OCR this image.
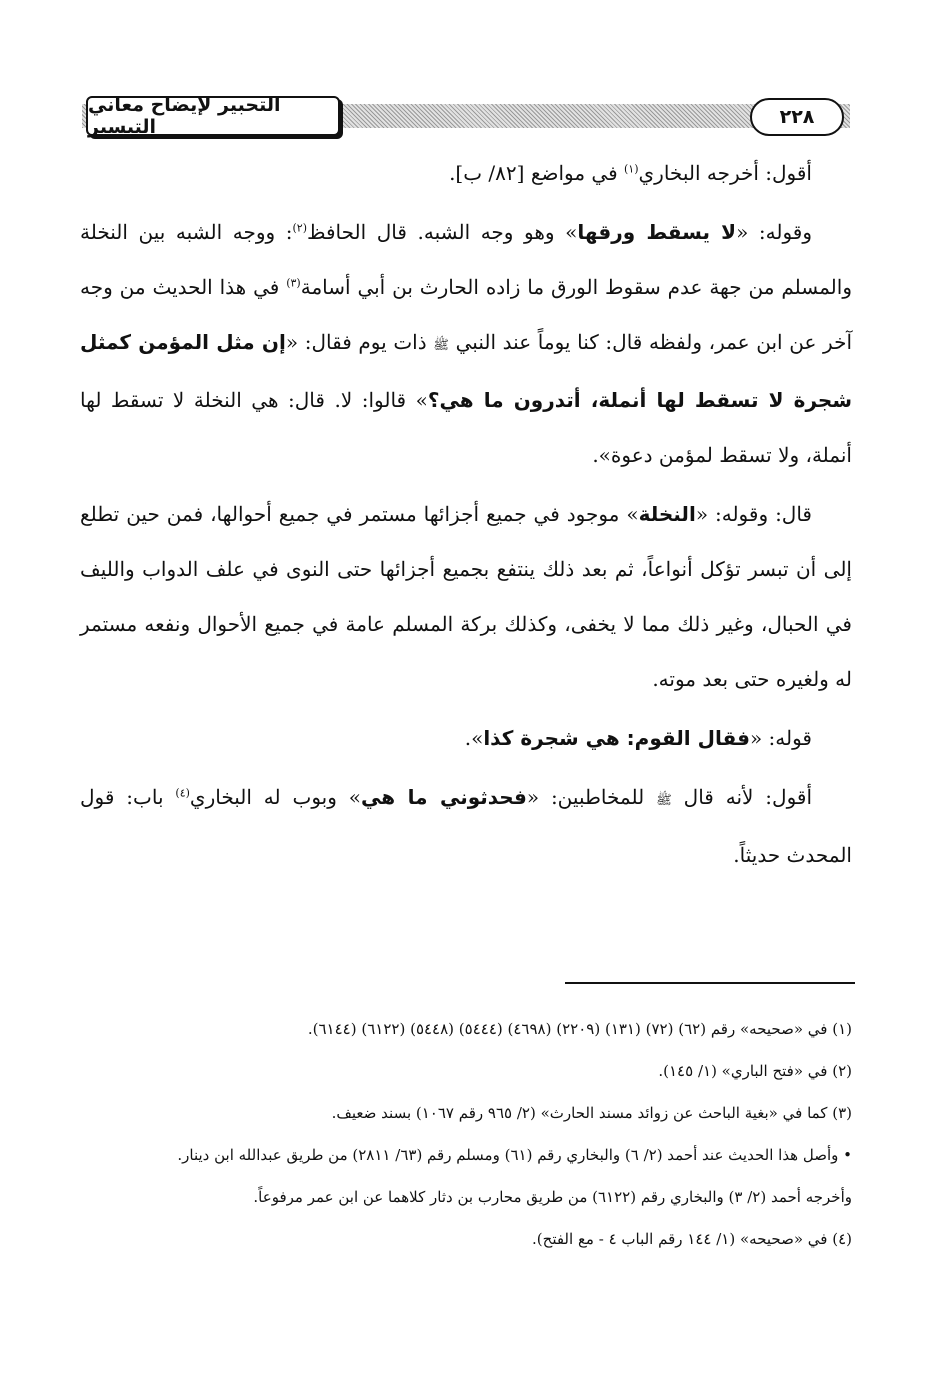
التحبير لإيضاح معاني التيسير	٢٢٨

أقول: أخرجه البخاري$^{(١)}$ في مواضع [٨٢/ ب].

وقوله: «لا يسقط ورقها» وهو وجه الشبه. قال الحافظ$^{(٢)}$: ووجه الشبه بين النخلة والمسلم من جهة عدم سقوط الورق ما زاده الحارث بن أبي أسامة$^{(٣)}$ في هذا الحديث من وجه آخر عن ابن عمر، ولفظه قال: كنا يوماً عند النبي ﷺ ذات يوم فقال: «إن مثل المؤمن كمثل شجرة لا تسقط لها أنملة، أتدرون ما هي؟» قالوا: لا. قال: هي النخلة لا تسقط لها أنملة، ولا تسقط لمؤمن دعوة».

قال: وقوله: «النخلة» موجود في جميع أجزائها مستمر في جميع أحوالها، فمن حين تطلع إلى أن تبسر تؤكل أنواعاً، ثم بعد ذلك ينتفع بجميع أجزائها حتى النوى في علف الدواب والليف في الحبال، وغير ذلك مما لا يخفى، وكذلك بركة المسلم عامة في جميع الأحوال ونفعه مستمر له ولغيره حتى بعد موته.

قوله: «فقال القوم: هي شجرة كذا».

أقول: لأنه قال ﷺ للمخاطبين: «فحدثوني ما هي» وبوب له البخاري$^{(٤)}$ باب: قول المحدث حديثاً.

(١) في «صحيحه» رقم (٦٢) (٧٢) (١٣١) (٢٢٠٩) (٤٦٩٨) (٥٤٤٤) (٥٤٤٨) (٦١٢٢) (٦١٤٤).

(٢) في «فتح الباري» (١/ ١٤٥).

(٣) كما في «بغية الباحث عن زوائد مسند الحارث» (٢/ ٩٦٥ رقم ١٠٦٧) بسند ضعيف.

• وأصل هذا الحديث عند أحمد (٢/ ٦) والبخاري رقم (٦١) ومسلم رقم (٦٣/ ٢٨١١) من طريق عبدالله ابن دينار.

وأخرجه أحمد (٢/ ٣) والبخاري رقم (٦١٢٢) من طريق محارب بن دثار كلاهما عن ابن عمر مرفوعاً.

(٤) في «صحيحه» (١/ ١٤٤ رقم الباب ٤ - مع الفتح).
